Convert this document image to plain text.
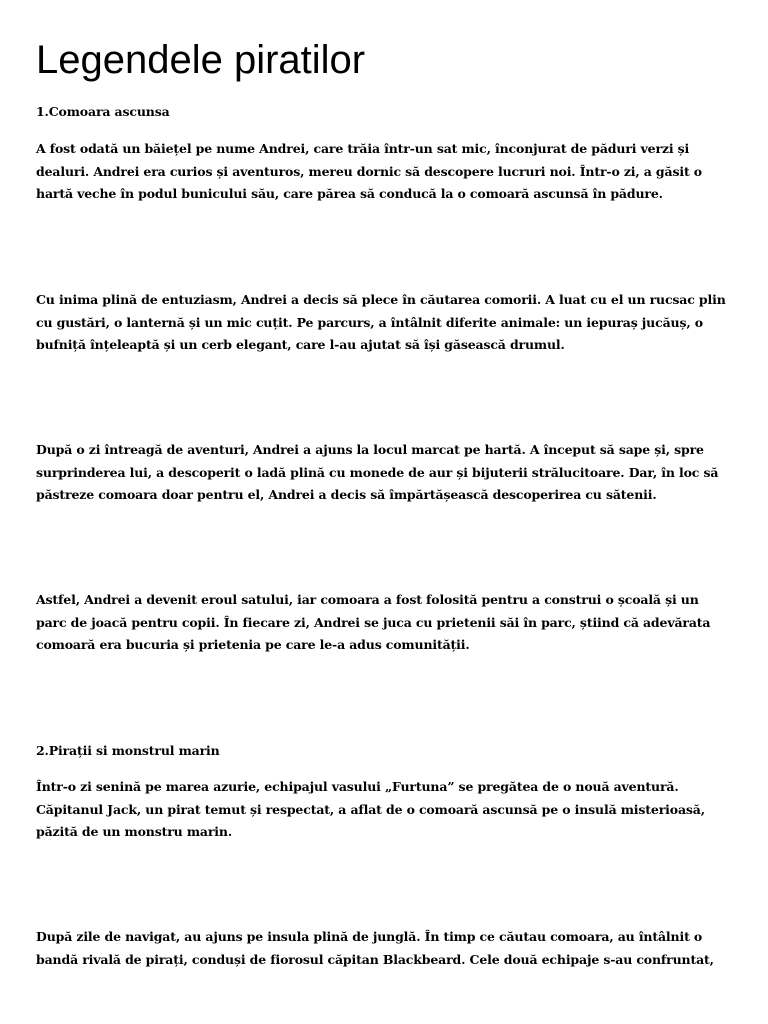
Legendele piratilor
1.Comoara ascunsa
A fost odată un băiețel pe nume Andrei, care trăia într-un sat mic, înconjurat de păduri verzi și
dealuri. Andrei era curios și aventuros, mereu dornic să descopere lucruri noi. Într-o zi, a găsit o
hartă veche în podul bunicului său, care părea să conducă la o comoară ascunsă în pădure.
Cu inima plină de entuziasm, Andrei a decis să plece în căutarea comorii. A luat cu el un rucsac plin
cu gustări, o lanternă și un mic cuțit. Pe parcurs, a întâlnit diferite animale: un iepuraș jucăuș, o
bufniță înțeleaptă și un cerb elegant, care l-au ajutat să își găsească drumul.
După o zi întreagă de aventuri, Andrei a ajuns la locul marcat pe hartă. A început să sape și, spre
surprinderea lui, a descoperit o ladă plină cu monede de aur și bijuterii strălucitoare. Dar, în loc să
păstreze comoara doar pentru el, Andrei a decis să împărtășească descoperirea cu sătenii.
Astfel, Andrei a devenit eroul satului, iar comoara a fost folosită pentru a construi o școală și un
parc de joacă pentru copii. În fiecare zi, Andrei se juca cu prietenii săi în parc, știind că adevărata
comoară era bucuria și prietenia pe care le-a adus comunității.
2.Pirații si monstrul marin
Într-o zi senină pe marea azurie, echipajul vasului „Furtuna” se pregătea de o nouă aventură.
Căpitanul Jack, un pirat temut și respectat, a aflat de o comoară ascunsă pe o insulă misterioasă,
păzită de un monstru marin.
După zile de navigat, au ajuns pe insula plină de junglă. În timp ce căutau comoara, au întâlnit o
bandă rivală de pirați, conduși de fiorosul căpitan Blackbeard. Cele două echipaje s-au confruntat,
